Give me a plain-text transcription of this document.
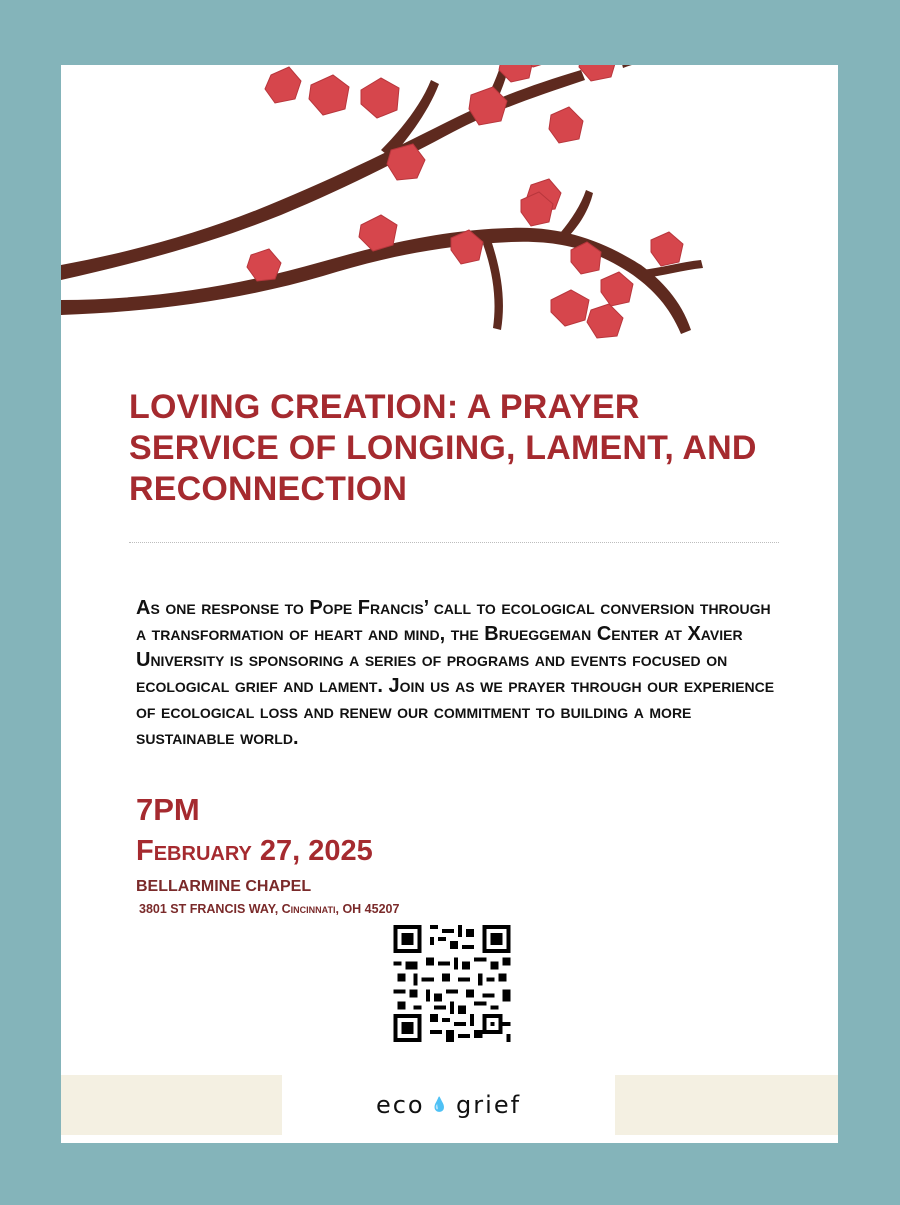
LOVING CREATION: A PRAYER SERVICE OF LONGING, LAMENT, AND RECONNECTION

As one response to Pope Francis’ call to ecological conversion through a transformation of heart and mind, the Brueggeman Center at Xavier University is sponsoring a series of programs and events focused on ecological grief and lament. Join us as we prayer through our experience of ecological loss and renew our commitment to building a more sustainable world.

7PM

February 27, 2025

BELLARMINE CHAPEL

3801 ST FRANCIS WAY, Cincinnati, OH 45207

eco 💧 grief
